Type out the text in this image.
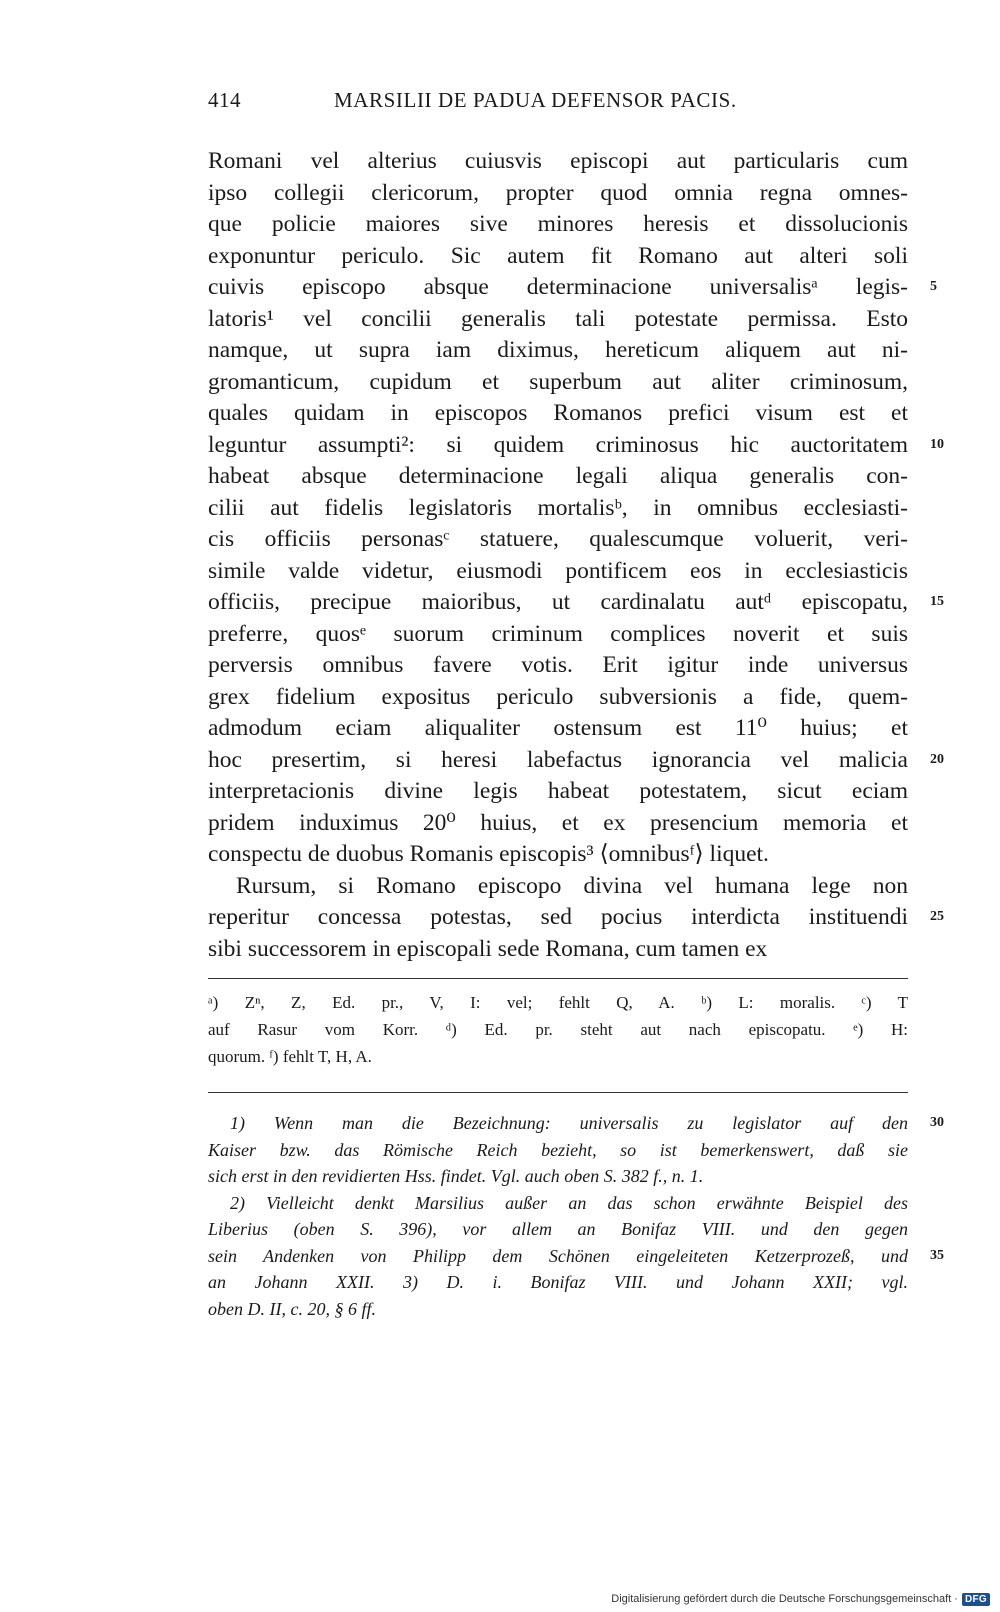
414	MARSILII DE PADUA DEFENSOR PACIS.
Romani vel alterius cuiusvis episcopi aut particularis cum
ipso collegii clericorum, propter quod omnia regna omnes-
que policie maiores sive minores heresis et dissolucionis
exponuntur periculo. Sic autem fit Romano aut alteri soli
cuivis episcopo absque determinacione universalisᵃ legis-
latoris¹ vel concilii generalis tali potestate permissa. Esto
namque, ut supra iam diximus, hereticum aliquem aut ni-
gromanticum, cupidum et superbum aut aliter criminosum,
quales quidam in episcopos Romanos prefici visum est et
leguntur assumpti²: si quidem criminosus hic auctoritatem
habeat absque determinacione legali aliqua generalis con-
cilii aut fidelis legislatoris mortalisᵇ, in omnibus ecclesiasti-
cis officiis personasᶜ statuere, qualescumque voluerit, veri-
simile valde videtur, eiusmodi pontificem eos in ecclesiasticis
officiis, precipue maioribus, ut cardinalatu autᵈ episcopatu,
preferre, quosᵉ suorum criminum complices noverit et suis
perversis omnibus favere votis. Erit igitur inde universus
grex fidelium expositus periculo subversionis a fide, quem-
admodum eciam aliqualiter ostensum est 11⁰ huius; et
hoc presertim, si heresi labefactus ignorancia vel malicia
interpretacionis divine legis habeat potestatem, sicut eciam
pridem induximus 20⁰ huius, et ex presencium memoria et
conspectu de duobus Romanis episcopis³ ⟨omnibusᶠ⟩ liquet.
Rursum, si Romano episcopo divina vel humana lege non
reperitur concessa potestas, sed pocius interdicta instituendi
sibi successorem in episcopali sede Romana, cum tamen ex
5
10
15
20
25
ᵃ) Zⁿ, Z, Ed. pr., V, I: vel; fehlt Q, A. ᵇ) L: moralis. ᶜ) T
auf Rasur vom Korr. ᵈ) Ed. pr. steht aut nach episcopatu. ᵉ) H:
quorum. ᶠ) fehlt T, H, A.
1) Wenn man die Bezeichnung: universalis zu legislator auf den
Kaiser bzw. das Römische Reich bezieht, so ist bemerkenswert, daß sie
sich erst in den revidierten Hss. findet. Vgl. auch oben S. 382 f., n. 1.
2) Vielleicht denkt Marsilius außer an das schon erwähnte Beispiel des
Liberius (oben S. 396), vor allem an Bonifaz VIII. und den gegen
sein Andenken von Philipp dem Schönen eingeleiteten Ketzerprozeß, und
an Johann XXII. 3) D. i. Bonifaz VIII. und Johann XXII; vgl.
oben D. II, c. 20, § 6 ff.
30
35
Digitalisierung gefördert durch die Deutsche Forschungsgemeinschaft · DFG
